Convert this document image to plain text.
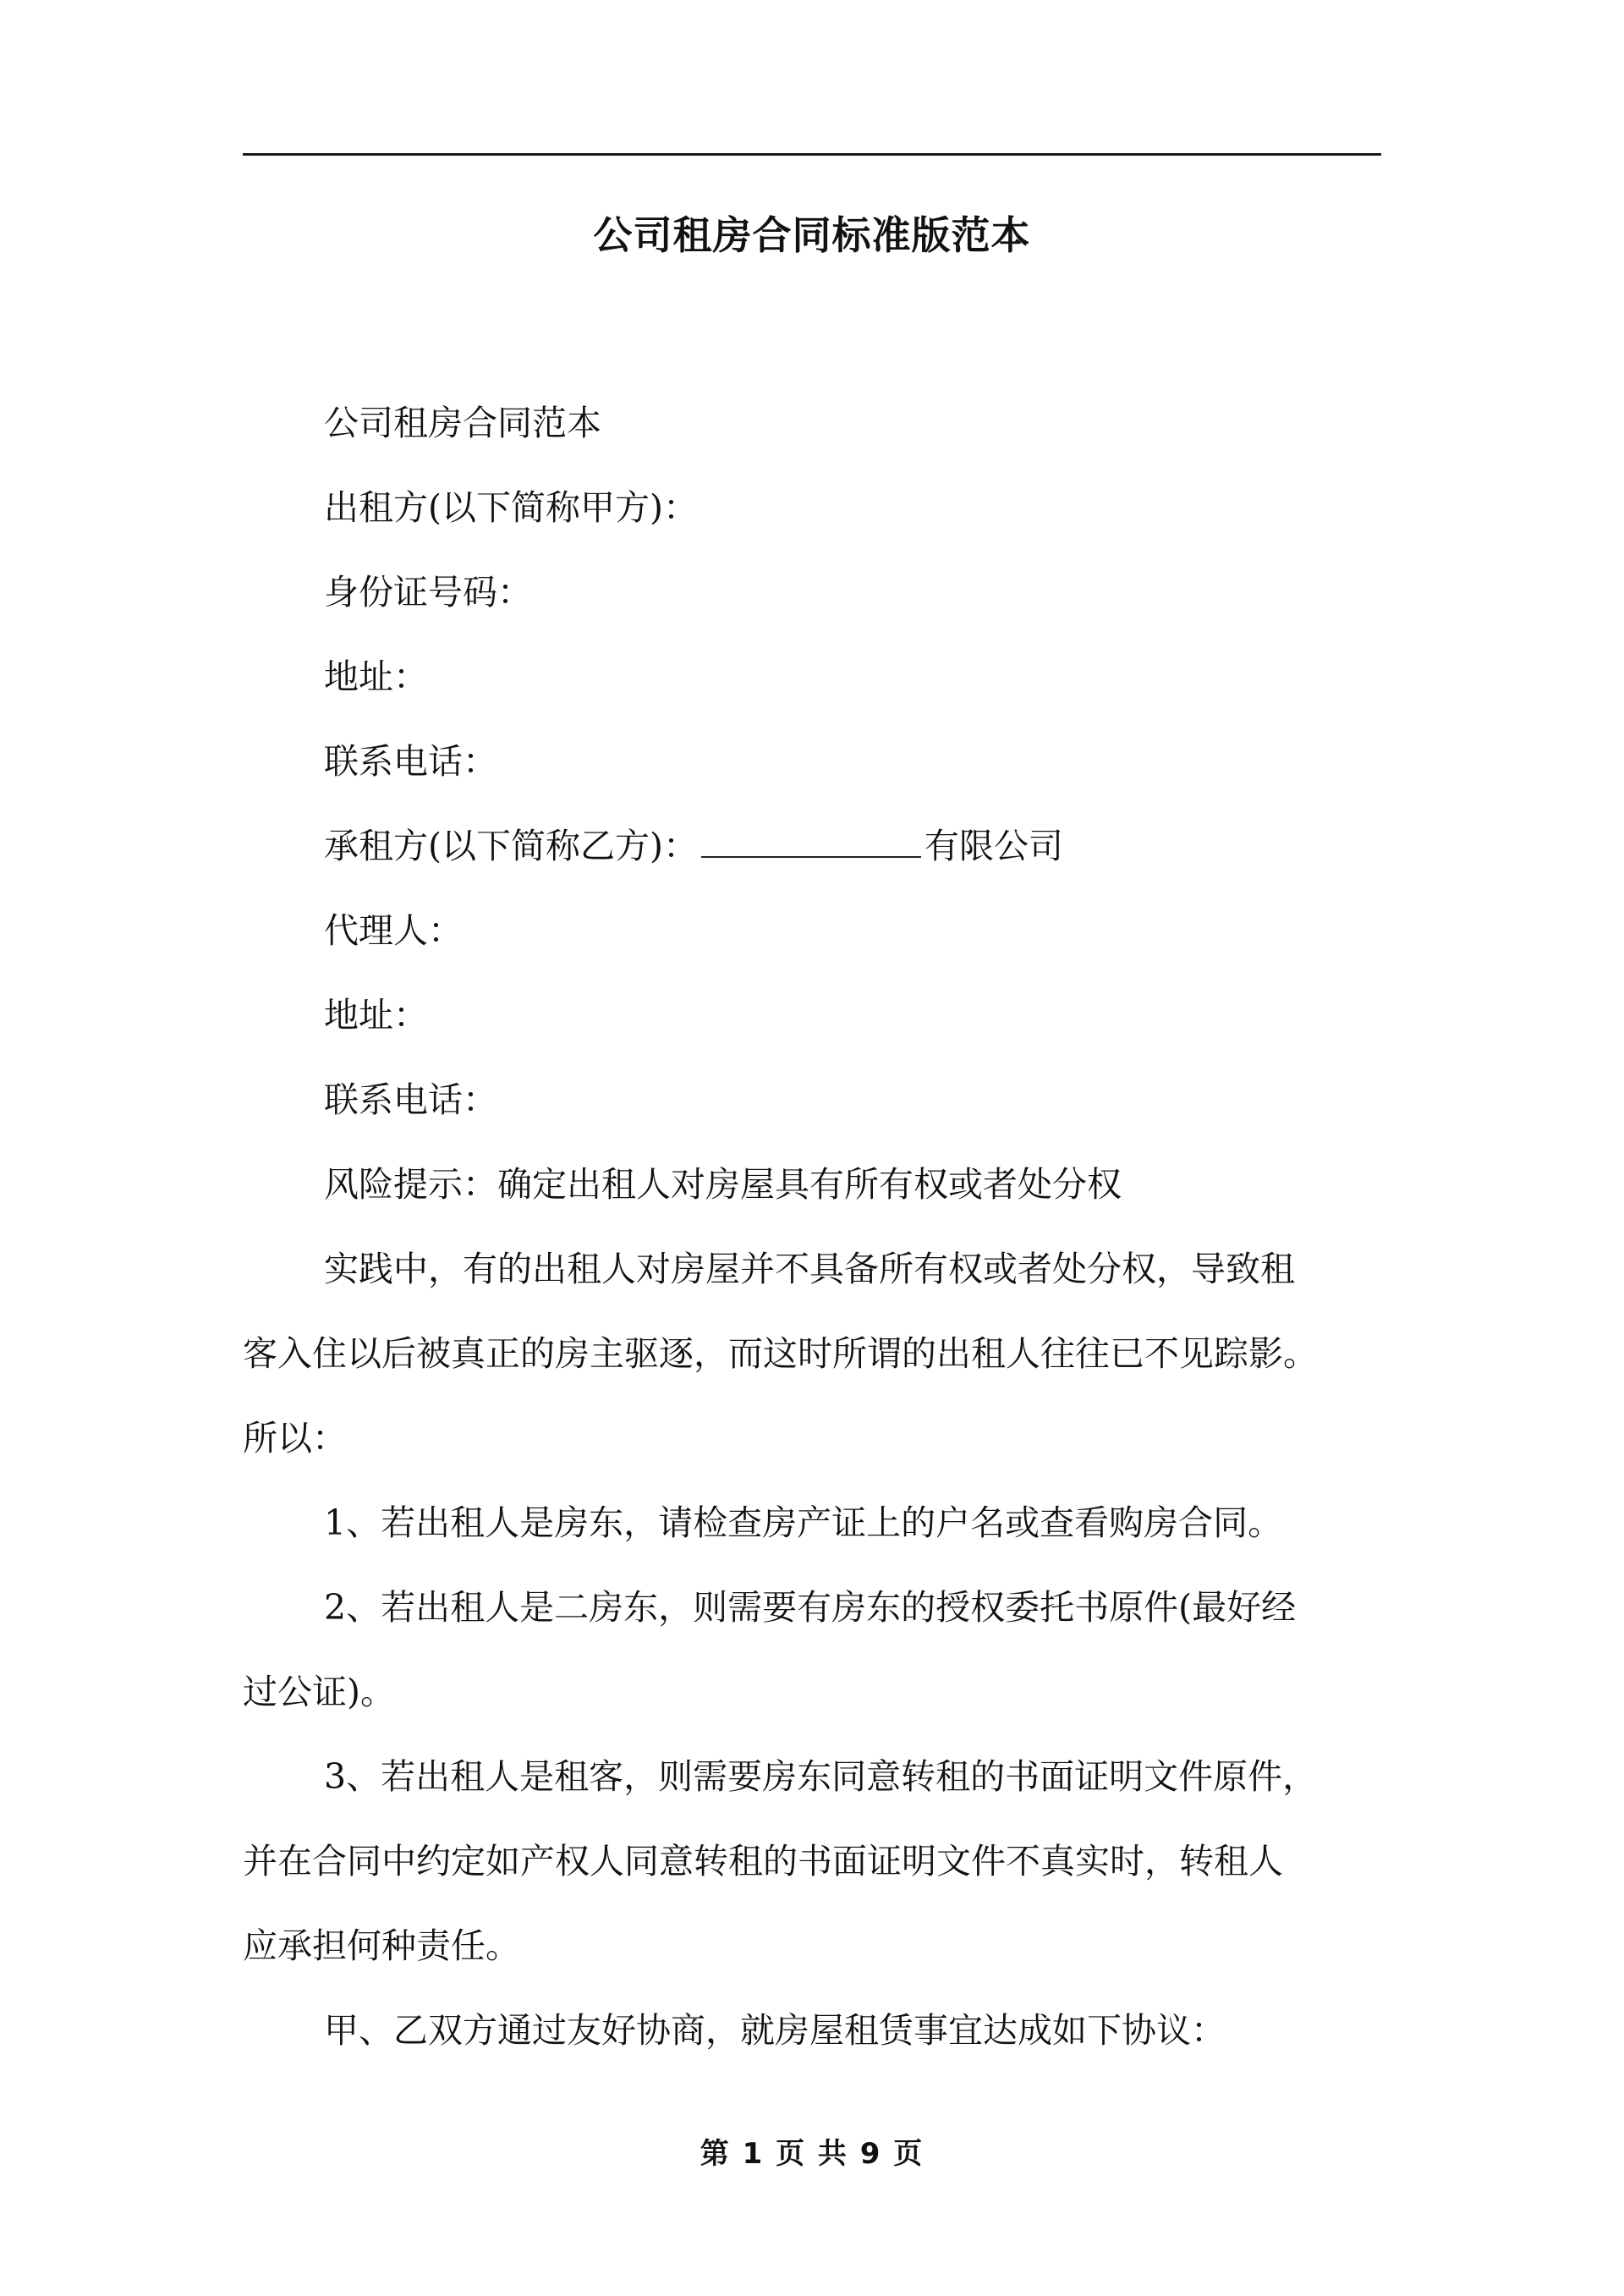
公司租房合同标准版范本
公司租房合同范本
出租方(以下简称甲方)：
身份证号码：
地址：
联系电话：
承租方(以下简称乙方)：	有限公司
代理人：
地址：
联系电话：
风险提示：确定出租人对房屋具有所有权或者处分权
实践中，有的出租人对房屋并不具备所有权或者处分权，导致租
客入住以后被真正的房主驱逐，而这时所谓的出租人往往已不见踪影。
所以：
1、若出租人是房东，请检查房产证上的户名或查看购房合同。
2、若出租人是二房东，则需要有房东的授权委托书原件(最好经
过公证)。
3、若出租人是租客，则需要房东同意转租的书面证明文件原件，
并在合同中约定如产权人同意转租的书面证明文件不真实时，转租人
应承担何种责任。
甲、乙双方通过友好协商，就房屋租赁事宜达成如下协议：
第 1 页 共 9 页
